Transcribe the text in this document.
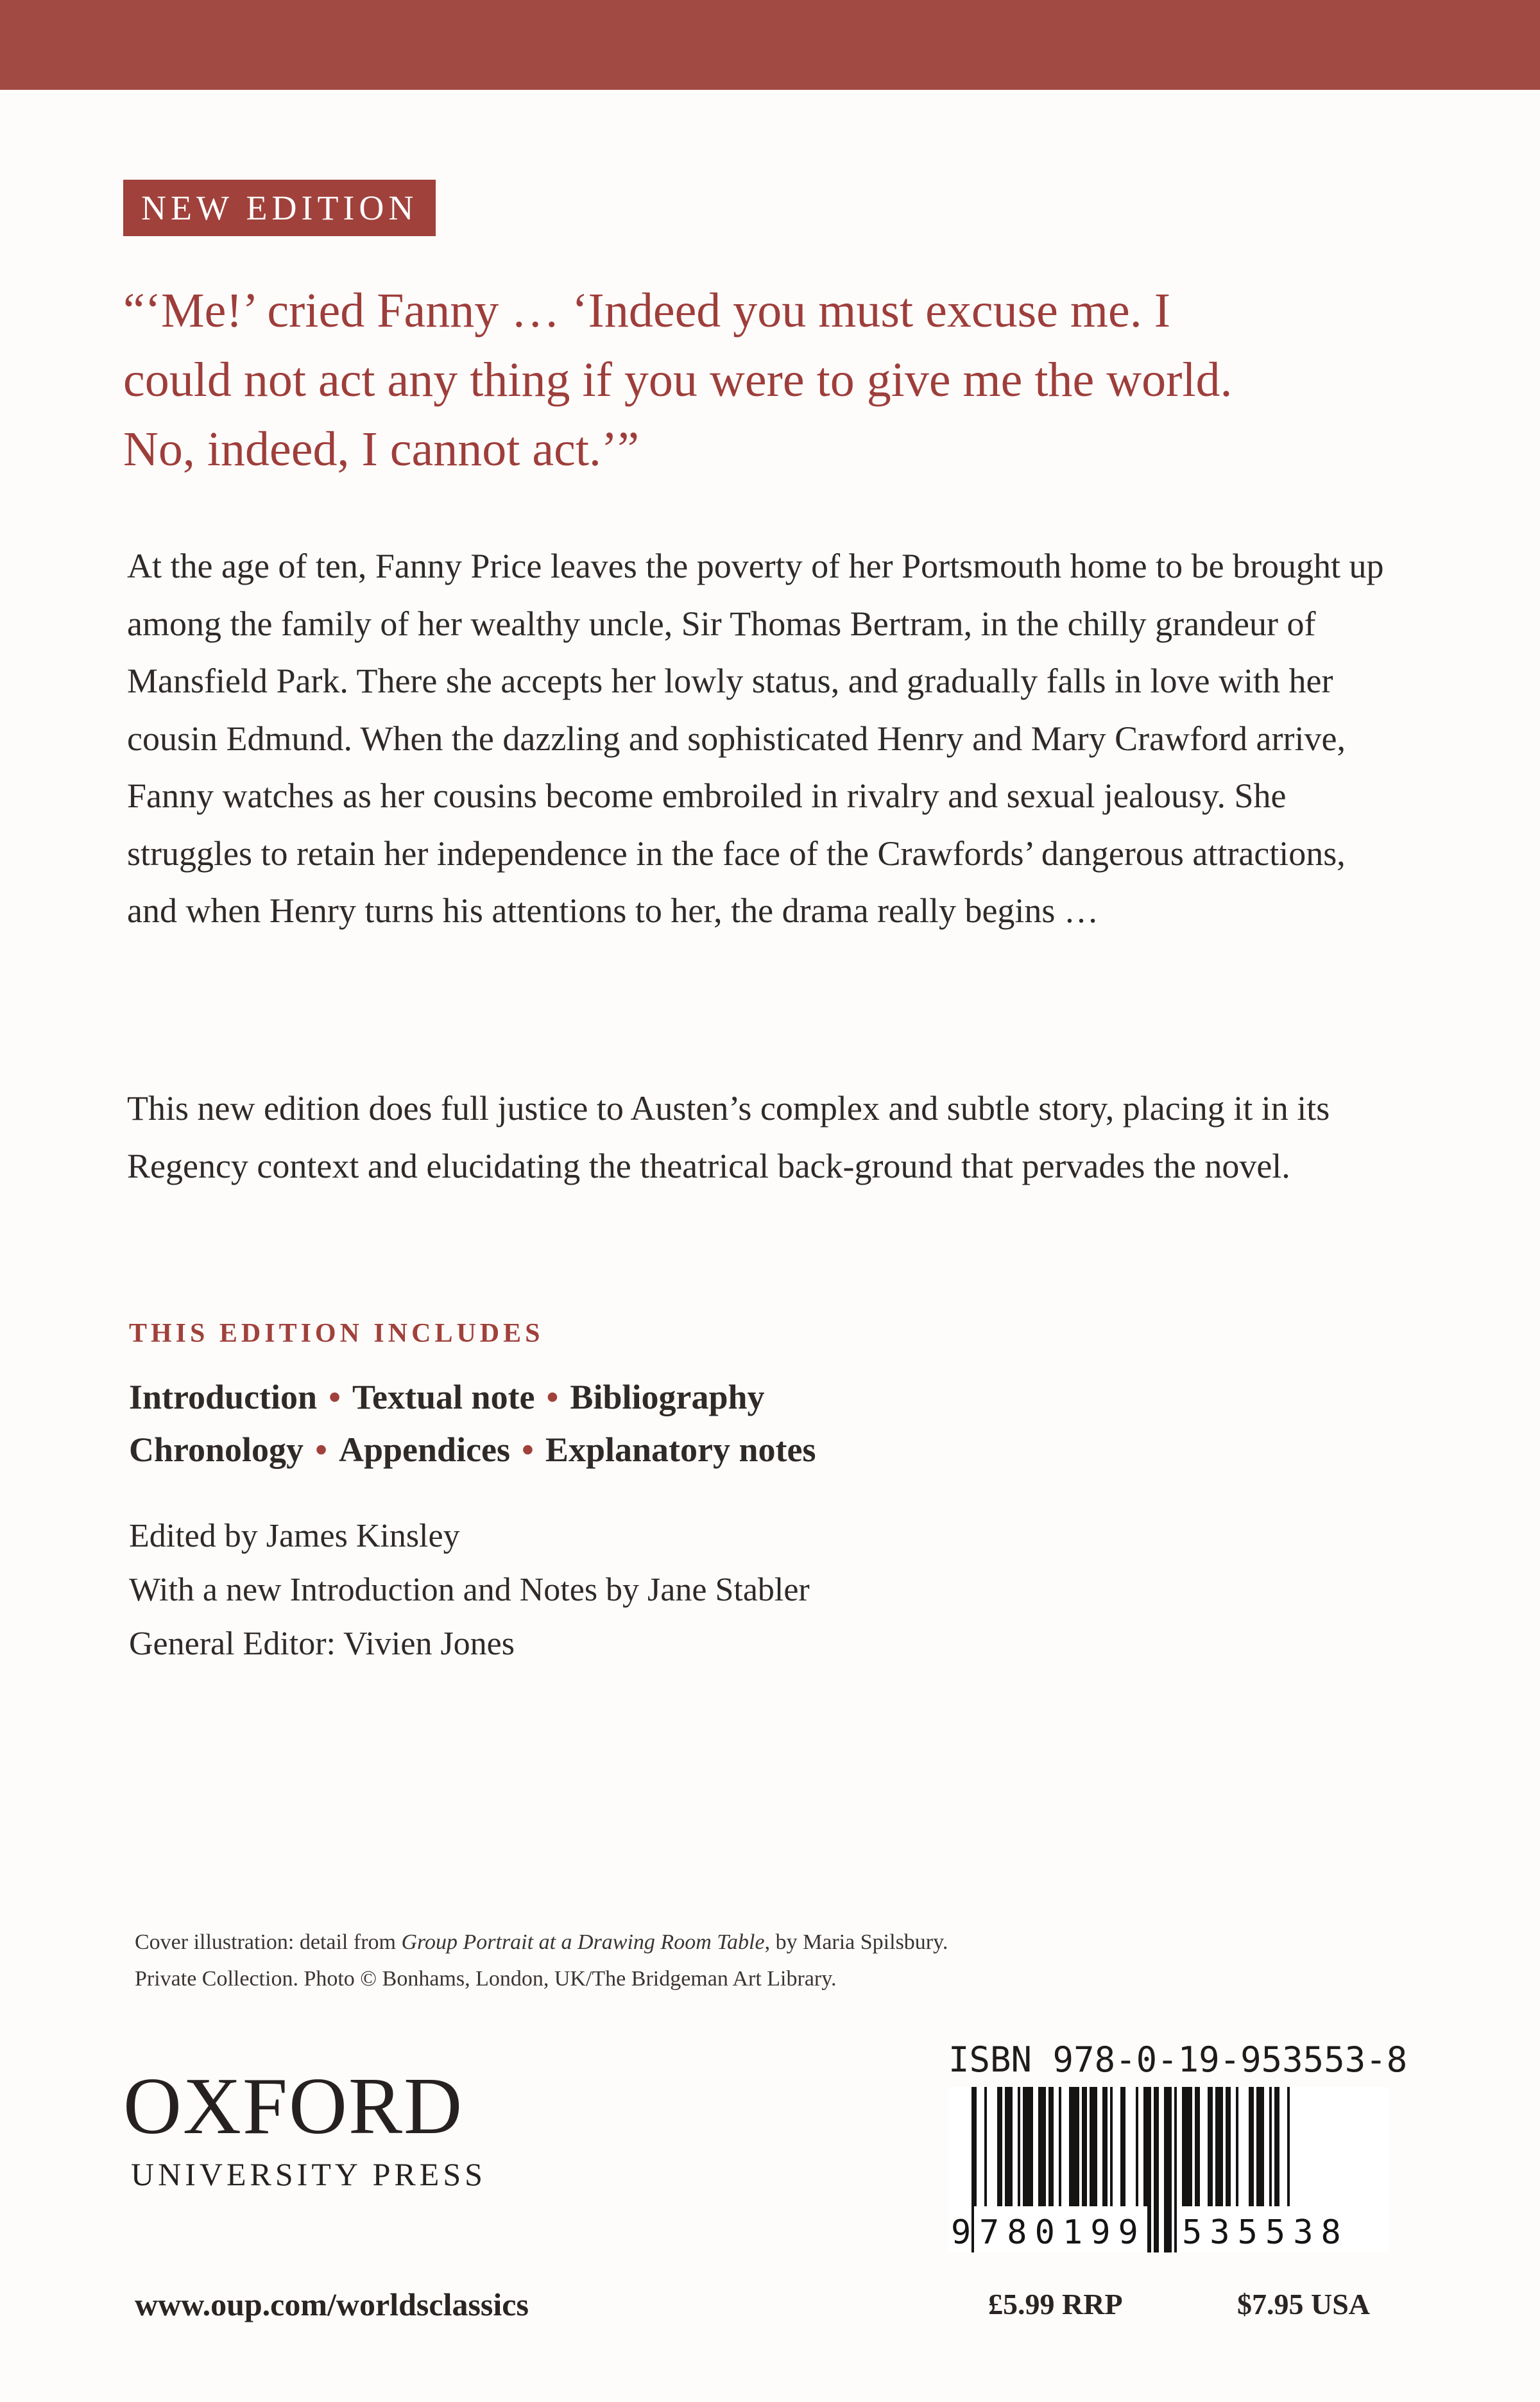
NEW EDITION

“‘Me!’ cried Fanny … ‘Indeed you must excuse me. I could not act any thing if you were to give me the world. No, indeed, I cannot act.’”

At the age of ten, Fanny Price leaves the poverty of her Portsmouth home to be brought up among the family of her wealthy uncle, Sir Thomas Bertram, in the chilly grandeur of Mansfield Park. There she accepts her lowly status, and gradually falls in love with her cousin Edmund. When the dazzling and sophisticated Henry and Mary Crawford arrive, Fanny watches as her cousins become embroiled in rivalry and sexual jealousy. She struggles to retain her independence in the face of the Crawfords’ dangerous attractions, and when Henry turns his attentions to her, the drama really begins …

This new edition does full justice to Austen’s complex and subtle story, placing it in its Regency context and elucidating the theatrical back-ground that pervades the novel.

THIS EDITION INCLUDES
Introduction • Textual note • Bibliography
Chronology • Appendices • Explanatory notes
Edited by James Kinsley
With a new Introduction and Notes by Jane Stabler
General Editor: Vivien Jones
Cover illustration: detail from Group Portrait at a Drawing Room Table, by Maria Spilsbury.
Private Collection. Photo © Bonhams, London, UK/The Bridgeman Art Library.
OXFORD
UNIVERSITY PRESS
www.oup.com/worldsclassics
ISBN 978-0-19-953553-8
9 780199 535538
£5.99 RRP	$7.95 USA
